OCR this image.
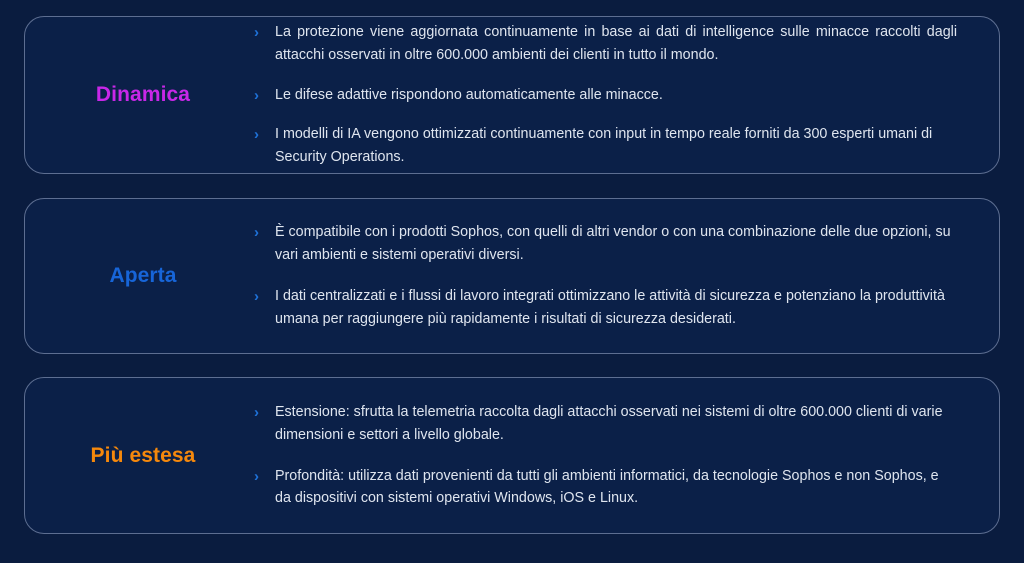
Dinamica
› La protezione viene aggiornata continuamente in base ai dati di intelligence sulle minacce raccolti dagli attacchi osservati in oltre 600.000 ambienti dei clienti in tutto il mondo.
› Le difese adattive rispondono automaticamente alle minacce.
› I modelli di IA vengono ottimizzati continuamente con input in tempo reale forniti da 300 esperti umani di Security Operations.
Aperta
› È compatibile con i prodotti Sophos, con quelli di altri vendor o con una combinazione delle due opzioni, su vari ambienti e sistemi operativi diversi.
› I dati centralizzati e i flussi di lavoro integrati ottimizzano le attività di sicurezza e potenziano la produttività umana per raggiungere più rapidamente i risultati di sicurezza desiderati.
Più estesa
› Estensione: sfrutta la telemetria raccolta dagli attacchi osservati nei sistemi di oltre 600.000 clienti di varie dimensioni e settori a livello globale.
› Profondità: utilizza dati provenienti da tutti gli ambienti informatici, da tecnologie Sophos e non Sophos, e da dispositivi con sistemi operativi Windows, iOS e Linux.
